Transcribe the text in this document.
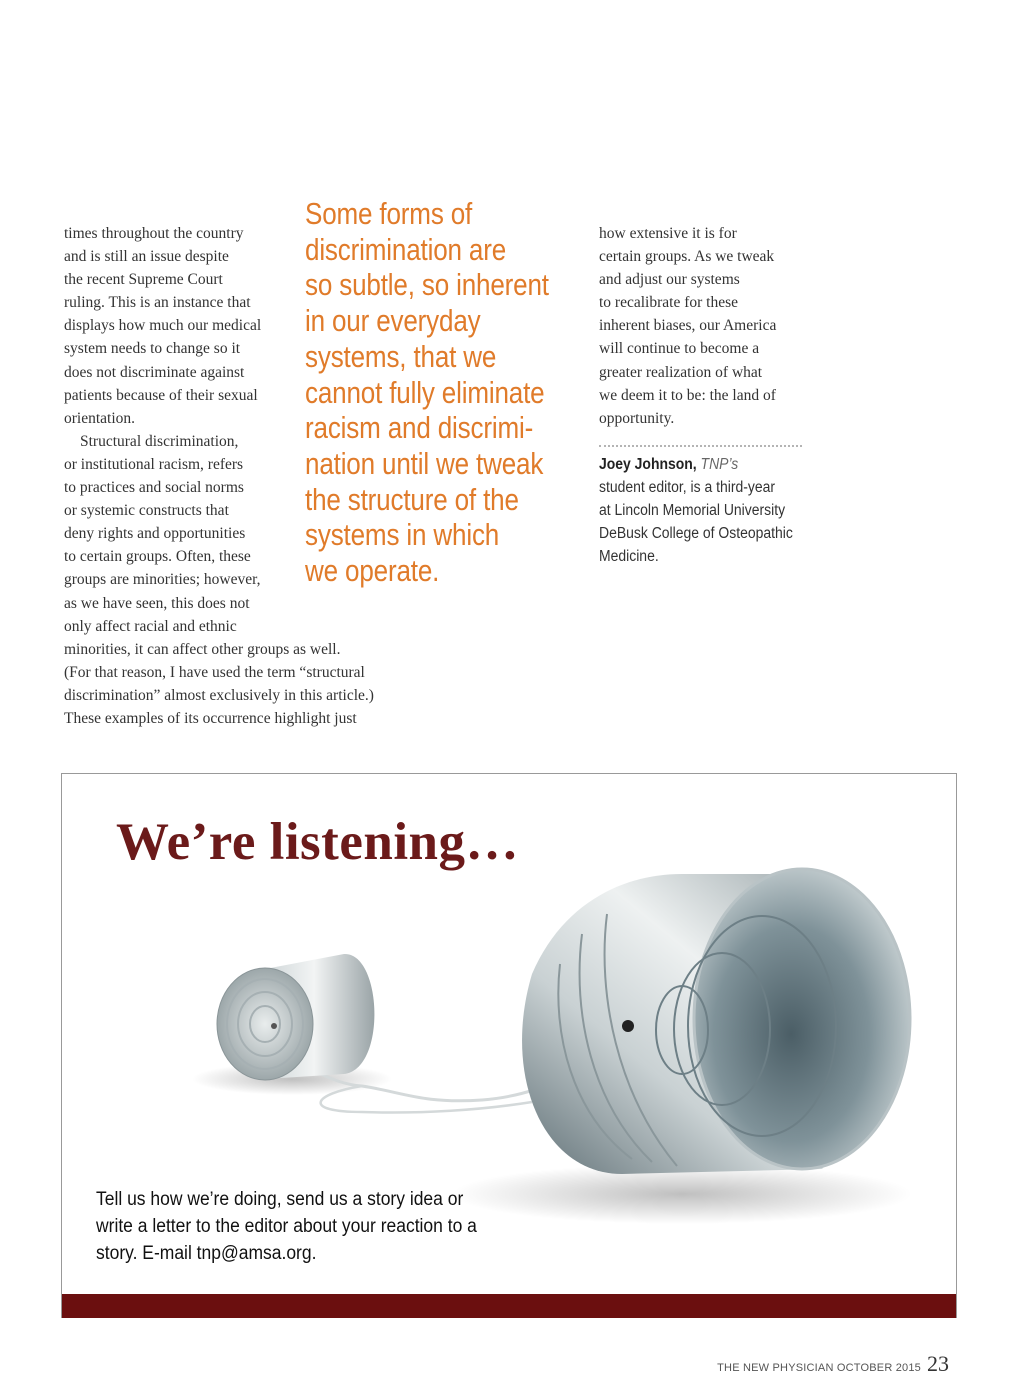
times throughout the country
and is still an issue despite
the recent Supreme Court
ruling. This is an instance that
displays how much our medical
system needs to change so it
does not discriminate against
patients because of their sexual
orientation.
Structural discrimination,
or institutional racism, refers
to practices and social norms
or systemic constructs that
deny rights and opportunities
to certain groups. Often, these
groups are minorities; however,
as we have seen, this does not
only affect racial and ethnic
minorities, it can affect other groups as well.
(For that reason, I have used the term “structural
discrimination” almost exclusively in this article.)
These examples of its occurrence highlight just
Some forms of
discrimination are
so subtle, so inherent
in our everyday
systems, that we
cannot fully eliminate
racism and discrimi-
nation until we tweak
the structure of the
systems in which
we operate.
how extensive it is for
certain groups. As we tweak
and adjust our systems
to recalibrate for these
inherent biases, our America
will continue to become a
greater realization of what
we deem it to be: the land of
opportunity.
Joey Johnson, TNP’s
student editor, is a third-year
at Lincoln Memorial University
DeBusk College of Osteopathic
Medicine.
We’re listening…

Tell us how we’re doing, send us a story idea or
write a letter to the editor about your reaction to a
story. E-mail tnp@amsa.org.

THE NEW PHYSICIAN OCTOBER 2015 23
